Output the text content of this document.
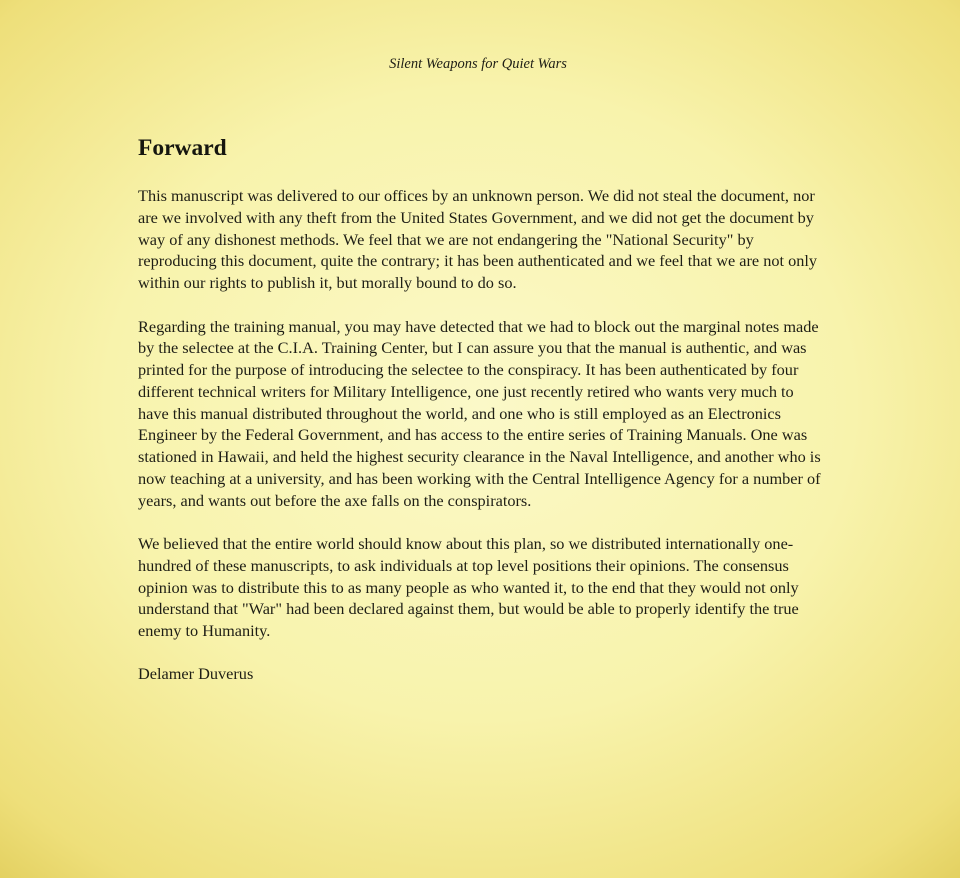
Silent Weapons for Quiet Wars
Forward

This manuscript was delivered to our offices by an unknown person. We did not steal the document, nor are we involved with any theft from the United States Government, and we did not get the document by way of any dishonest methods. We feel that we are not endangering the "National Security" by reproducing this document, quite the contrary; it has been authenticated and we feel that we are not only within our rights to publish it, but morally bound to do so.

Regarding the training manual, you may have detected that we had to block out the marginal notes made by the selectee at the C.I.A. Training Center, but I can assure you that the manual is authentic, and was printed for the purpose of introducing the selectee to the conspiracy. It has been authenticated by four different technical writers for Military Intelligence, one just recently retired who wants very much to have this manual distributed throughout the world, and one who is still employed as an Electronics Engineer by the Federal Government, and has access to the entire series of Training Manuals. One was stationed in Hawaii, and held the highest security clearance in the Naval Intelligence, and another who is now teaching at a university, and has been working with the Central Intelligence Agency for a number of years, and wants out before the axe falls on the conspirators.

We believed that the entire world should know about this plan, so we distributed internationally one-hundred of these manuscripts, to ask individuals at top level positions their opinions. The consensus opinion was to distribute this to as many people as who wanted it, to the end that they would not only understand that "War" had been declared against them, but would be able to properly identify the true enemy to Humanity.

Delamer Duverus
